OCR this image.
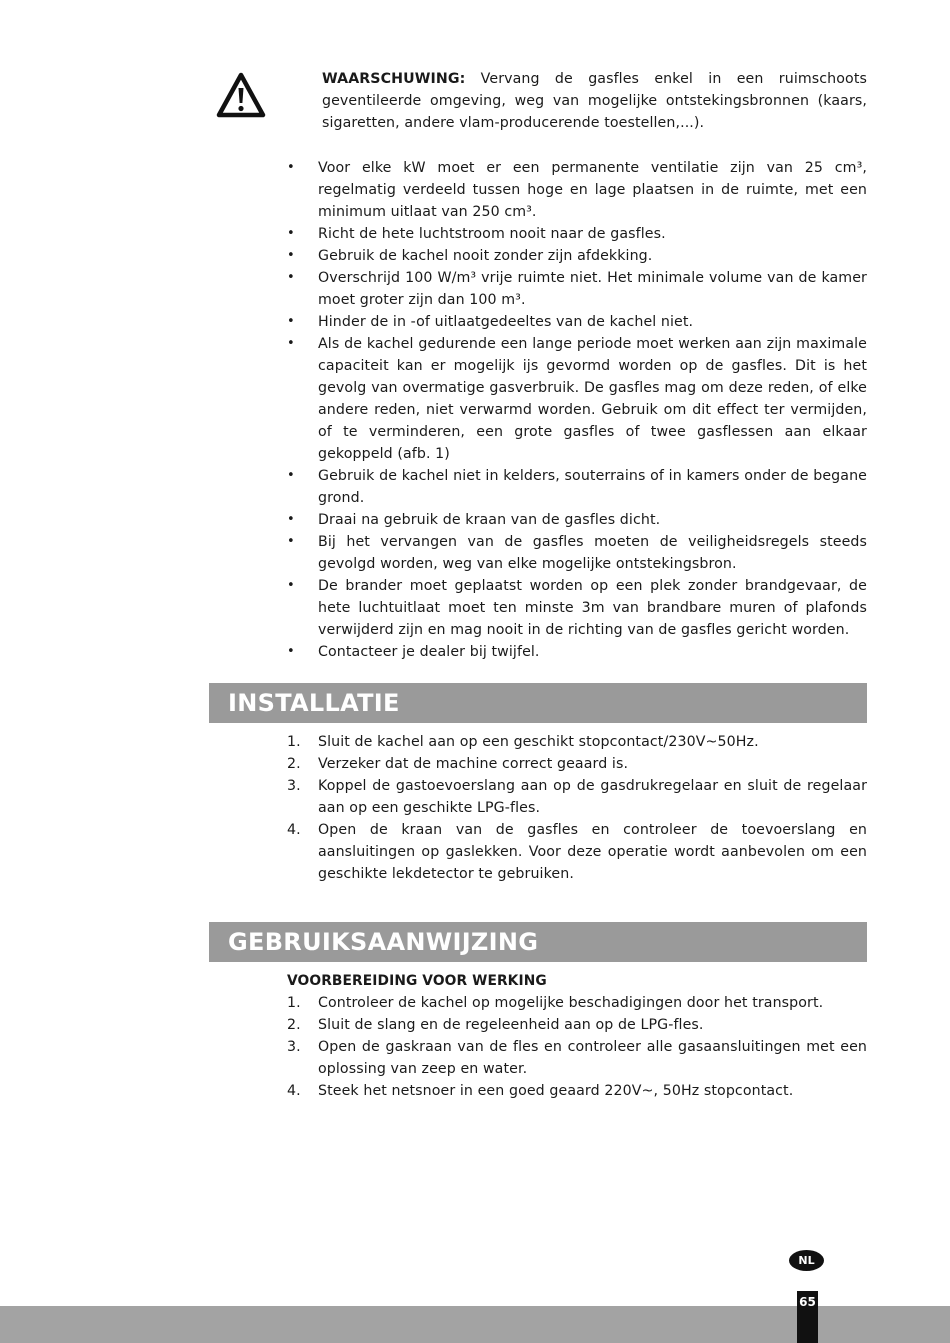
WAARSCHUWING: Vervang de gasfles enkel in een ruimschoots geventileerde omgeving, weg van mogelijke ontstekingsbronnen (kaars, sigaretten, andere vlam-producerende toestellen,...).
• Voor elke kW moet er een permanente ventilatie zijn van 25 cm³, regelmatig verdeeld tussen hoge en lage plaatsen in de ruimte, met een minimum uitlaat van 250 cm³.
• Richt de hete luchtstroom nooit naar de gasfles.
• Gebruik de kachel nooit zonder zijn afdekking.
• Overschrijd 100 W/m³ vrije ruimte niet. Het minimale volume van de kamer moet groter zijn dan 100 m³.
• Hinder de in -of uitlaatgedeeltes van de kachel niet.
• Als de kachel gedurende een lange periode moet werken aan zijn maximale capaciteit kan er mogelijk ijs gevormd worden op de gasfles. Dit is het gevolg van overmatige gasverbruik. De gasfles mag om deze reden, of elke andere reden, niet verwarmd worden. Gebruik om dit effect ter vermijden, of te verminderen, een grote gasfles of twee gasflessen aan elkaar gekoppeld (afb. 1)
• Gebruik de kachel niet in kelders, souterrains of in kamers onder de begane grond.
• Draai na gebruik de kraan van de gasfles dicht.
• Bij het vervangen van de gasfles moeten de veiligheidsregels steeds gevolgd worden, weg van elke mogelijke ontstekingsbron.
• De brander moet geplaatst worden op een plek zonder brandgevaar, de hete luchtuitlaat moet ten minste 3m van brandbare muren of plafonds verwijderd zijn en mag nooit in de richting van de gasfles gericht worden.
• Contacteer je dealer bij twijfel.
INSTALLATIE
1. Sluit de kachel aan op een geschikt stopcontact/230V~50Hz.
2. Verzeker dat de machine correct geaard is.
3. Koppel de gastoevoerslang aan op de gasdrukregelaar en sluit de regelaar aan op een geschikte LPG-fles.
4. Open de kraan van de gasfles en controleer de toevoerslang en aansluitingen op gaslekken. Voor deze operatie wordt aanbevolen om een geschikte lekdetector te gebruiken.
GEBRUIKSAANWIJZING
VOORBEREIDING VOOR WERKING
1. Controleer de kachel op mogelijke beschadigingen door het transport.
2. Sluit de slang en de regeleenheid aan op de LPG-fles.
3. Open de gaskraan van de fles en controleer alle gasaansluitingen met een oplossing van zeep en water.
4. Steek het netsnoer in een goed geaard 220V~, 50Hz stopcontact.
NL
65
